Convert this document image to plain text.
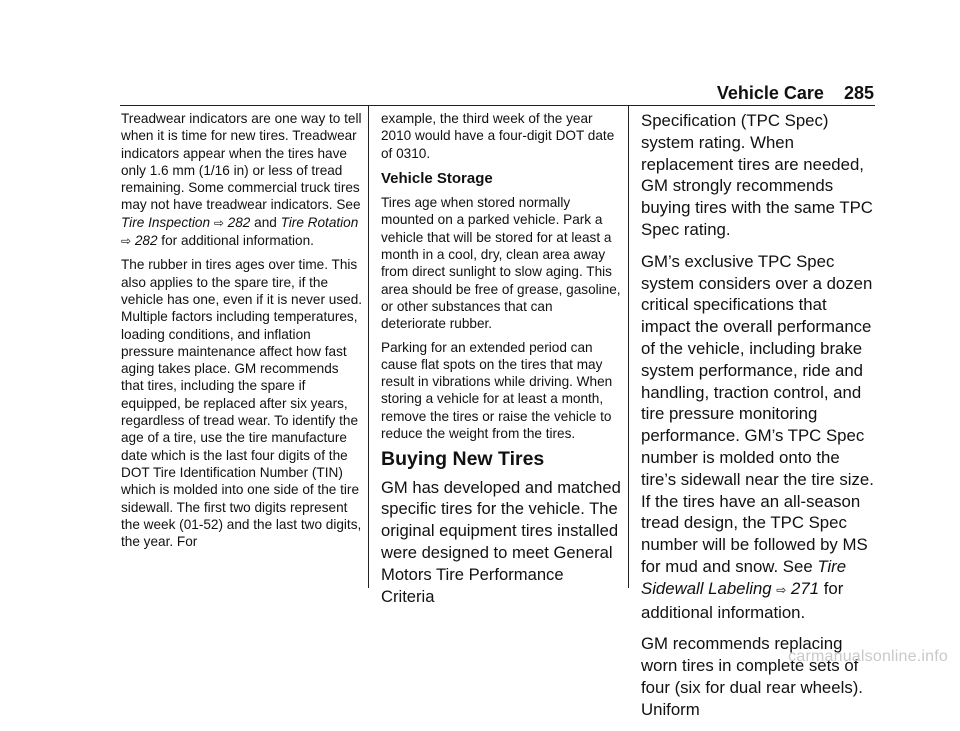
Vehicle Care 285

Treadwear indicators are one way to tell when it is time for new tires. Treadwear indicators appear when the tires have only 1.6 mm (1/16 in) or less of tread remaining. Some commercial truck tires may not have treadwear indicators. See Tire Inspection ⇨ 282 and Tire Rotation ⇨ 282 for additional information.

The rubber in tires ages over time. This also applies to the spare tire, if the vehicle has one, even if it is never used. Multiple factors including temperatures, loading conditions, and inflation pressure maintenance affect how fast aging takes place. GM recommends that tires, including the spare if equipped, be replaced after six years, regardless of tread wear. To identify the age of a tire, use the tire manufacture date which is the last four digits of the DOT Tire Identification Number (TIN) which is molded into one side of the tire sidewall. The first two digits represent the week (01-52) and the last two digits, the year. For

example, the third week of the year 2010 would have a four-digit DOT date of 0310.

Vehicle Storage

Tires age when stored normally mounted on a parked vehicle. Park a vehicle that will be stored for at least a month in a cool, dry, clean area away from direct sunlight to slow aging. This area should be free of grease, gasoline, or other substances that can deteriorate rubber.

Parking for an extended period can cause flat spots on the tires that may result in vibrations while driving. When storing a vehicle for at least a month, remove the tires or raise the vehicle to reduce the weight from the tires.

Buying New Tires

GM has developed and matched specific tires for the vehicle. The original equipment tires installed were designed to meet General Motors Tire Performance Criteria

Specification (TPC Spec) system rating. When replacement tires are needed, GM strongly recommends buying tires with the same TPC Spec rating.

GM’s exclusive TPC Spec system considers over a dozen critical specifications that impact the overall performance of the vehicle, including brake system performance, ride and handling, traction control, and tire pressure monitoring performance. GM’s TPC Spec number is molded onto the tire’s sidewall near the tire size. If the tires have an all-season tread design, the TPC Spec number will be followed by MS for mud and snow. See Tire Sidewall Labeling ⇨ 271 for additional information.

GM recommends replacing worn tires in complete sets of four (six for dual rear wheels). Uniform

carmanualsonline.info
